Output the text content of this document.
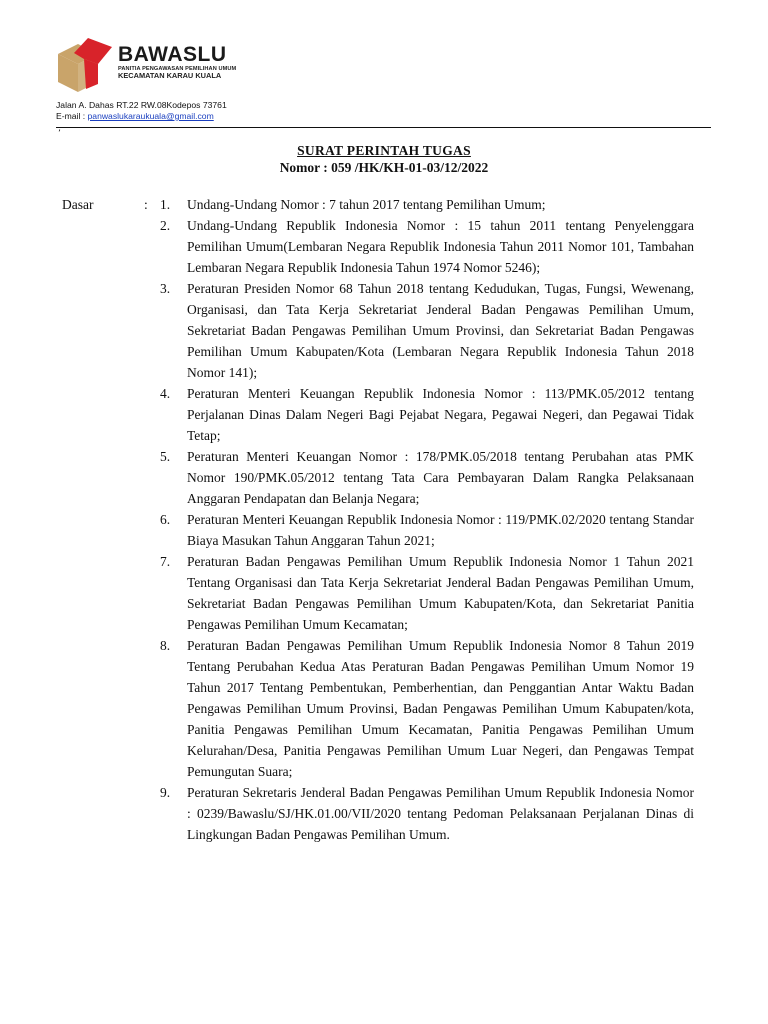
BAWASLU
PANITIA PENGAWASAN PEMILIHAN UMUM
KECAMATAN KARAU KUALA
Jalan A. Dahas RT.22 RW.08Kodepos 73761
E-mail : panwaslukaraukuala@gmail.com
٬
SURAT PERINTAH TUGAS
Nomor : 059 /HK/KH-01-03/12/2022
Dasar	: 1.	Undang-Undang Nomor : 7 tahun 2017 tentang Pemilihan Umum;
2.	Undang-Undang Republik Indonesia Nomor : 15 tahun 2011 tentang Penyelenggara Pemilihan Umum(Lembaran Negara Republik Indonesia Tahun 2011 Nomor 101, Tambahan Lembaran Negara Republik Indonesia Tahun 1974 Nomor 5246);
3.	Peraturan Presiden Nomor 68 Tahun 2018 tentang Kedudukan, Tugas, Fungsi, Wewenang, Organisasi, dan Tata Kerja Sekretariat Jenderal Badan Pengawas Pemilihan Umum, Sekretariat Badan Pengawas Pemilihan Umum Provinsi, dan Sekretariat Badan Pengawas Pemilihan Umum Kabupaten/Kota (Lembaran Negara Republik Indonesia Tahun 2018 Nomor 141);
4.	Peraturan Menteri Keuangan Republik Indonesia Nomor : 113/PMK.05/2012 tentang Perjalanan Dinas Dalam Negeri Bagi Pejabat Negara, Pegawai Negeri, dan Pegawai Tidak Tetap;
5.	Peraturan Menteri Keuangan Nomor : 178/PMK.05/2018 tentang Perubahan atas PMK Nomor 190/PMK.05/2012 tentang Tata Cara Pembayaran Dalam Rangka Pelaksanaan Anggaran Pendapatan dan Belanja Negara;
6.	Peraturan Menteri Keuangan Republik Indonesia Nomor : 119/PMK.02/2020 tentang Standar Biaya Masukan Tahun Anggaran Tahun 2021;
7.	Peraturan Badan Pengawas Pemilihan Umum Republik Indonesia Nomor 1 Tahun 2021 Tentang Organisasi dan Tata Kerja Sekretariat Jenderal Badan Pengawas Pemilihan Umum, Sekretariat Badan Pengawas Pemilihan Umum Kabupaten/Kota, dan Sekretariat Panitia Pengawas Pemilihan Umum Kecamatan;
8.	Peraturan Badan Pengawas Pemilihan Umum Republik Indonesia Nomor 8 Tahun 2019 Tentang Perubahan Kedua Atas Peraturan Badan Pengawas Pemilihan Umum Nomor 19 Tahun 2017 Tentang Pembentukan, Pemberhentian, dan Penggantian Antar Waktu Badan Pengawas Pemilihan Umum Provinsi, Badan Pengawas Pemilihan Umum Kabupaten/kota, Panitia Pengawas Pemilihan Umum Kecamatan, Panitia Pengawas Pemilihan Umum Kelurahan/Desa, Panitia Pengawas Pemilihan Umum Luar Negeri, dan Pengawas Tempat Pemungutan Suara;
9.	Peraturan Sekretaris Jenderal Badan Pengawas Pemilihan Umum Republik Indonesia Nomor : 0239/Bawaslu/SJ/HK.01.00/VII/2020 tentang Pedoman Pelaksanaan Perjalanan Dinas di Lingkungan Badan Pengawas Pemilihan Umum.
